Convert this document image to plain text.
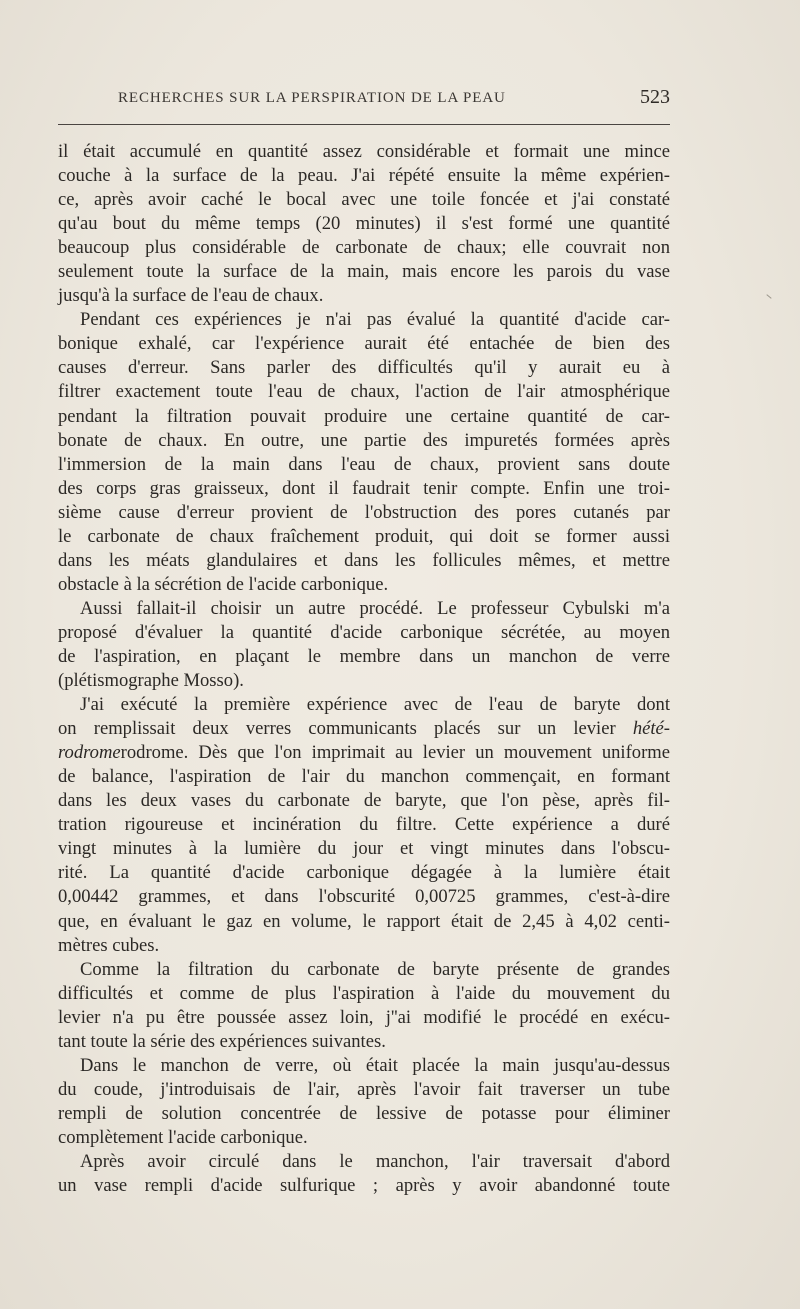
RECHERCHES SUR LA PERSPIRATION DE LA PEAU	523
il était accumulé en quantité assez considérable et formait une mince
couche à la surface de la peau. J'ai répété ensuite la même expérien-
ce, après avoir caché le bocal avec une toile foncée et j'ai constaté
qu'au bout du même temps (20 minutes) il s'est formé une quantité
beaucoup plus considérable de carbonate de chaux; elle couvrait non
seulement toute la surface de la main, mais encore les parois du vase
jusqu'à la surface de l'eau de chaux.
Pendant ces expériences je n'ai pas évalué la quantité d'acide car-
bonique exhalé, car l'expérience aurait été entachée de bien des
causes d'erreur. Sans parler des difficultés qu'il y aurait eu à
filtrer exactement toute l'eau de chaux, l'action de l'air atmosphérique
pendant la filtration pouvait produire une certaine quantité de car-
bonate de chaux. En outre, une partie des impuretés formées après
l'immersion de la main dans l'eau de chaux, provient sans doute
des corps gras graisseux, dont il faudrait tenir compte. Enfin une troi-
sième cause d'erreur provient de l'obstruction des pores cutanés par
le carbonate de chaux fraîchement produit, qui doit se former aussi
dans les méats glandulaires et dans les follicules mêmes, et mettre
obstacle à la sécrétion de l'acide carbonique.
Aussi fallait-il choisir un autre procédé. Le professeur Cybulski m'a
proposé d'évaluer la quantité d'acide carbonique sécrétée, au moyen
de l'aspiration, en plaçant le membre dans un manchon de verre
(plétismographe Mosso).
J'ai exécuté la première expérience avec de l'eau de baryte dont
on remplissait deux verres communicants placés sur un levier hété-
rodromerodrome. Dès que l'on imprimait au levier un mouvement uniforme
de balance, l'aspiration de l'air du manchon commençait, en formant
dans les deux vases du carbonate de baryte, que l'on pèse, après fil-
tration rigoureuse et incinération du filtre. Cette expérience a duré
vingt minutes à la lumière du jour et vingt minutes dans l'obscu-
rité. La quantité d'acide carbonique dégagée à la lumière était
0,00442 grammes, et dans l'obscurité 0,00725 grammes, c'est-à-dire
que, en évaluant le gaz en volume, le rapport était de 2,45 à 4,02 centi-
mètres cubes.
Comme la filtration du carbonate de baryte présente de grandes
difficultés et comme de plus l'aspiration à l'aide du mouvement du
levier n'a pu être poussée assez loin, j''ai modifié le procédé en exécu-
tant toute la série des expériences suivantes.
Dans le manchon de verre, où était placée la main jusqu'au-dessus
du coude, j'introduisais de l'air, après l'avoir fait traverser un tube
rempli de solution concentrée de lessive de potasse pour éliminer
complètement l'acide carbonique.
Après avoir circulé dans le manchon, l'air traversait d'abord
un vase rempli d'acide sulfurique ; après y avoir abandonné toute
